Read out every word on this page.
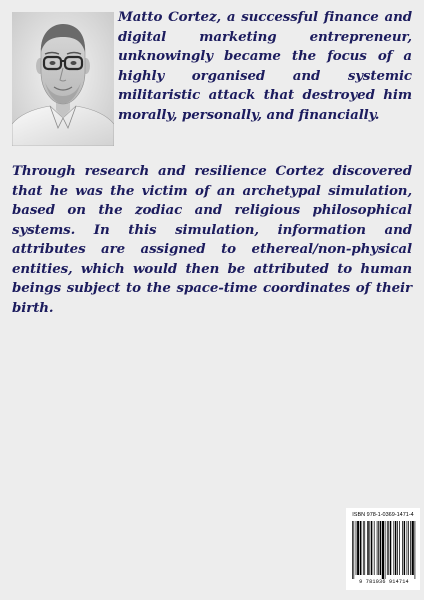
Matto Cortez, a successful finance and digital marketing entrepreneur, unknowingly became the focus of a highly organised and systemic militaristic attack that destroyed him morally, personally, and financially.

Through research and resilience Cortez discovered that he was the victim of an archetypal simulation, based on the zodiac and religious philosophical systems. In this simulation, information and attributes are assigned to ethereal/non-physical entities, which would then be attributed to human beings subject to the space-time coordinates of their birth.

ISBN 978-1-0369-1471-4
9 781036 914714
